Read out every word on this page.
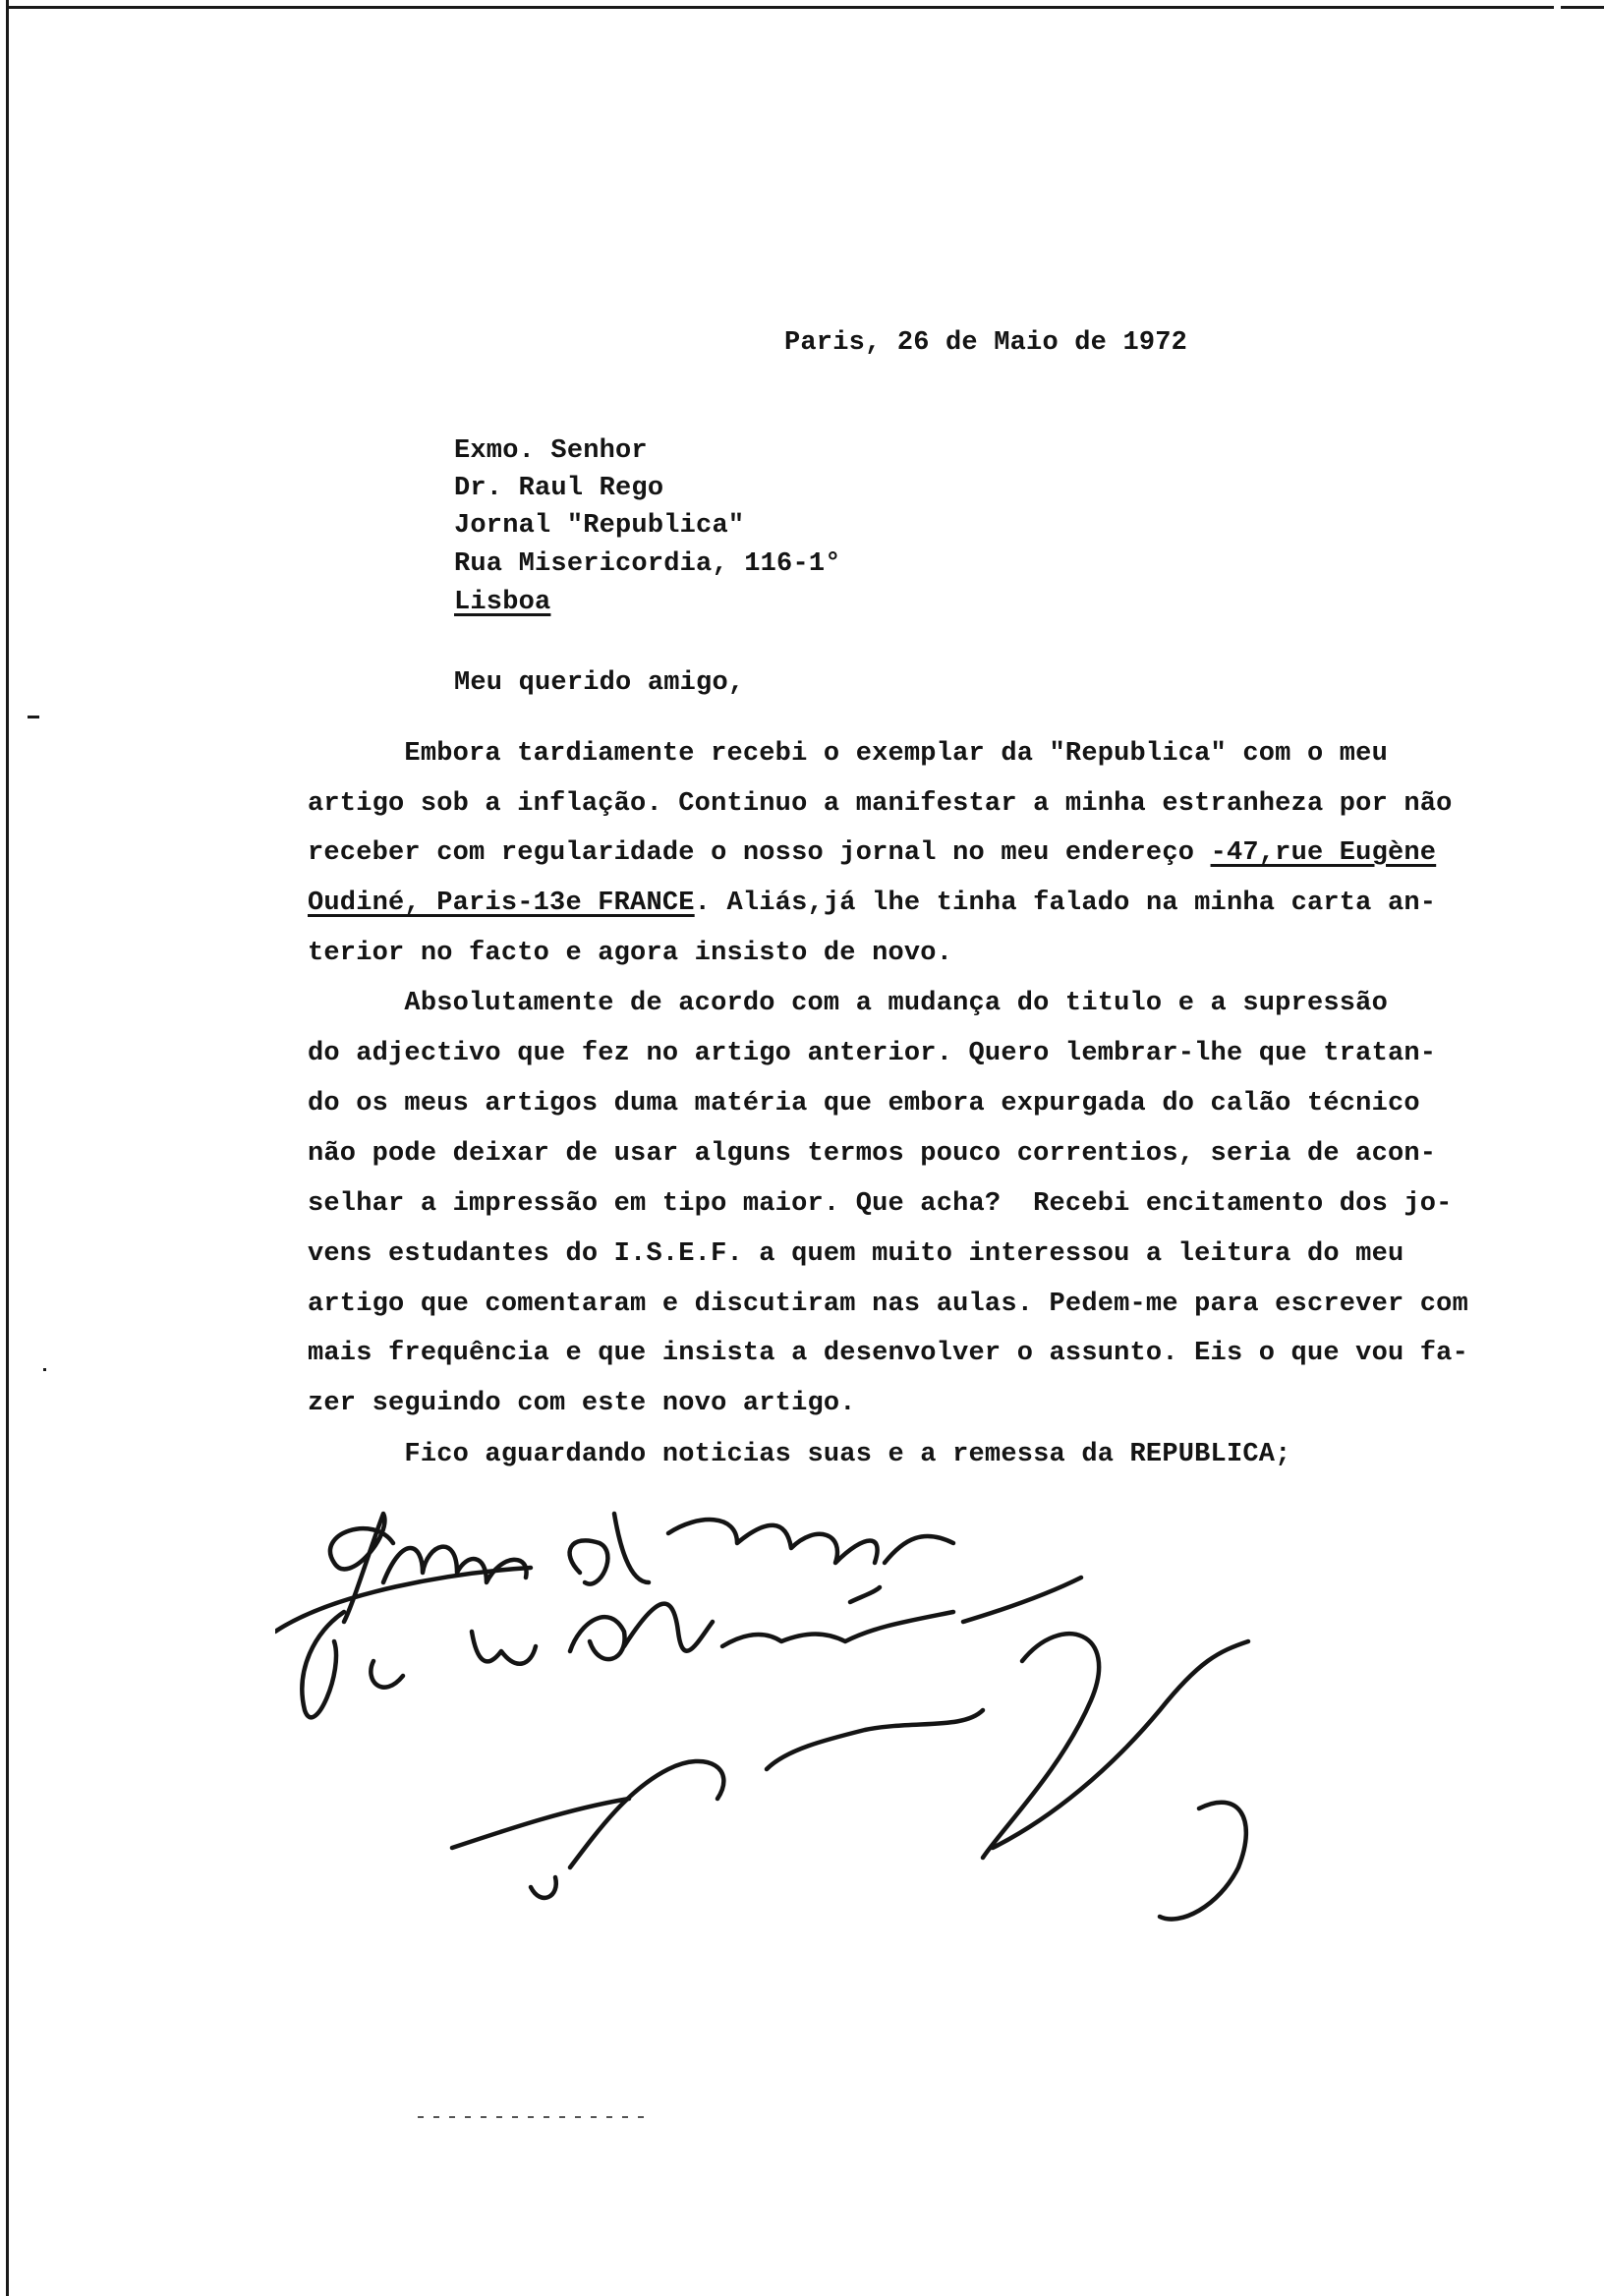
Paris, 26 de Maio de 1972
Exmo. Senhor
Dr. Raul Rego
Jornal "Republica"
Rua Misericordia, 116-1°
Lisboa
Meu querido amigo,
Embora tardiamente recebi o exemplar da "Republica" com o meu
artigo sob a inflação. Continuo a manifestar a minha estranheza por não
receber com regularidade o nosso jornal no meu endereço -47,rue Eugène
Oudiné, Paris-13e FRANCE. Aliás,já lhe tinha falado na minha carta an-
terior no facto e agora insisto de novo.
Absolutamente de acordo com a mudança do titulo e a supressão
do adjectivo que fez no artigo anterior. Quero lembrar-lhe que tratan-
do os meus artigos duma matéria que embora expurgada do calão técnico
não pode deixar de usar alguns termos pouco correntios, seria de acon-
selhar a impressão em tipo maior. Que acha?  Recebi encitamento dos jo-
vens estudantes do I.S.E.F. a quem muito interessou a leitura do meu
artigo que comentaram e discutiram nas aulas. Pedem-me para escrever com
mais frequência e que insista a desenvolver o assunto. Eis o que vou fa-
zer seguindo com este novo artigo.
Fico aguardando noticias suas e a remessa da REPUBLICA;
